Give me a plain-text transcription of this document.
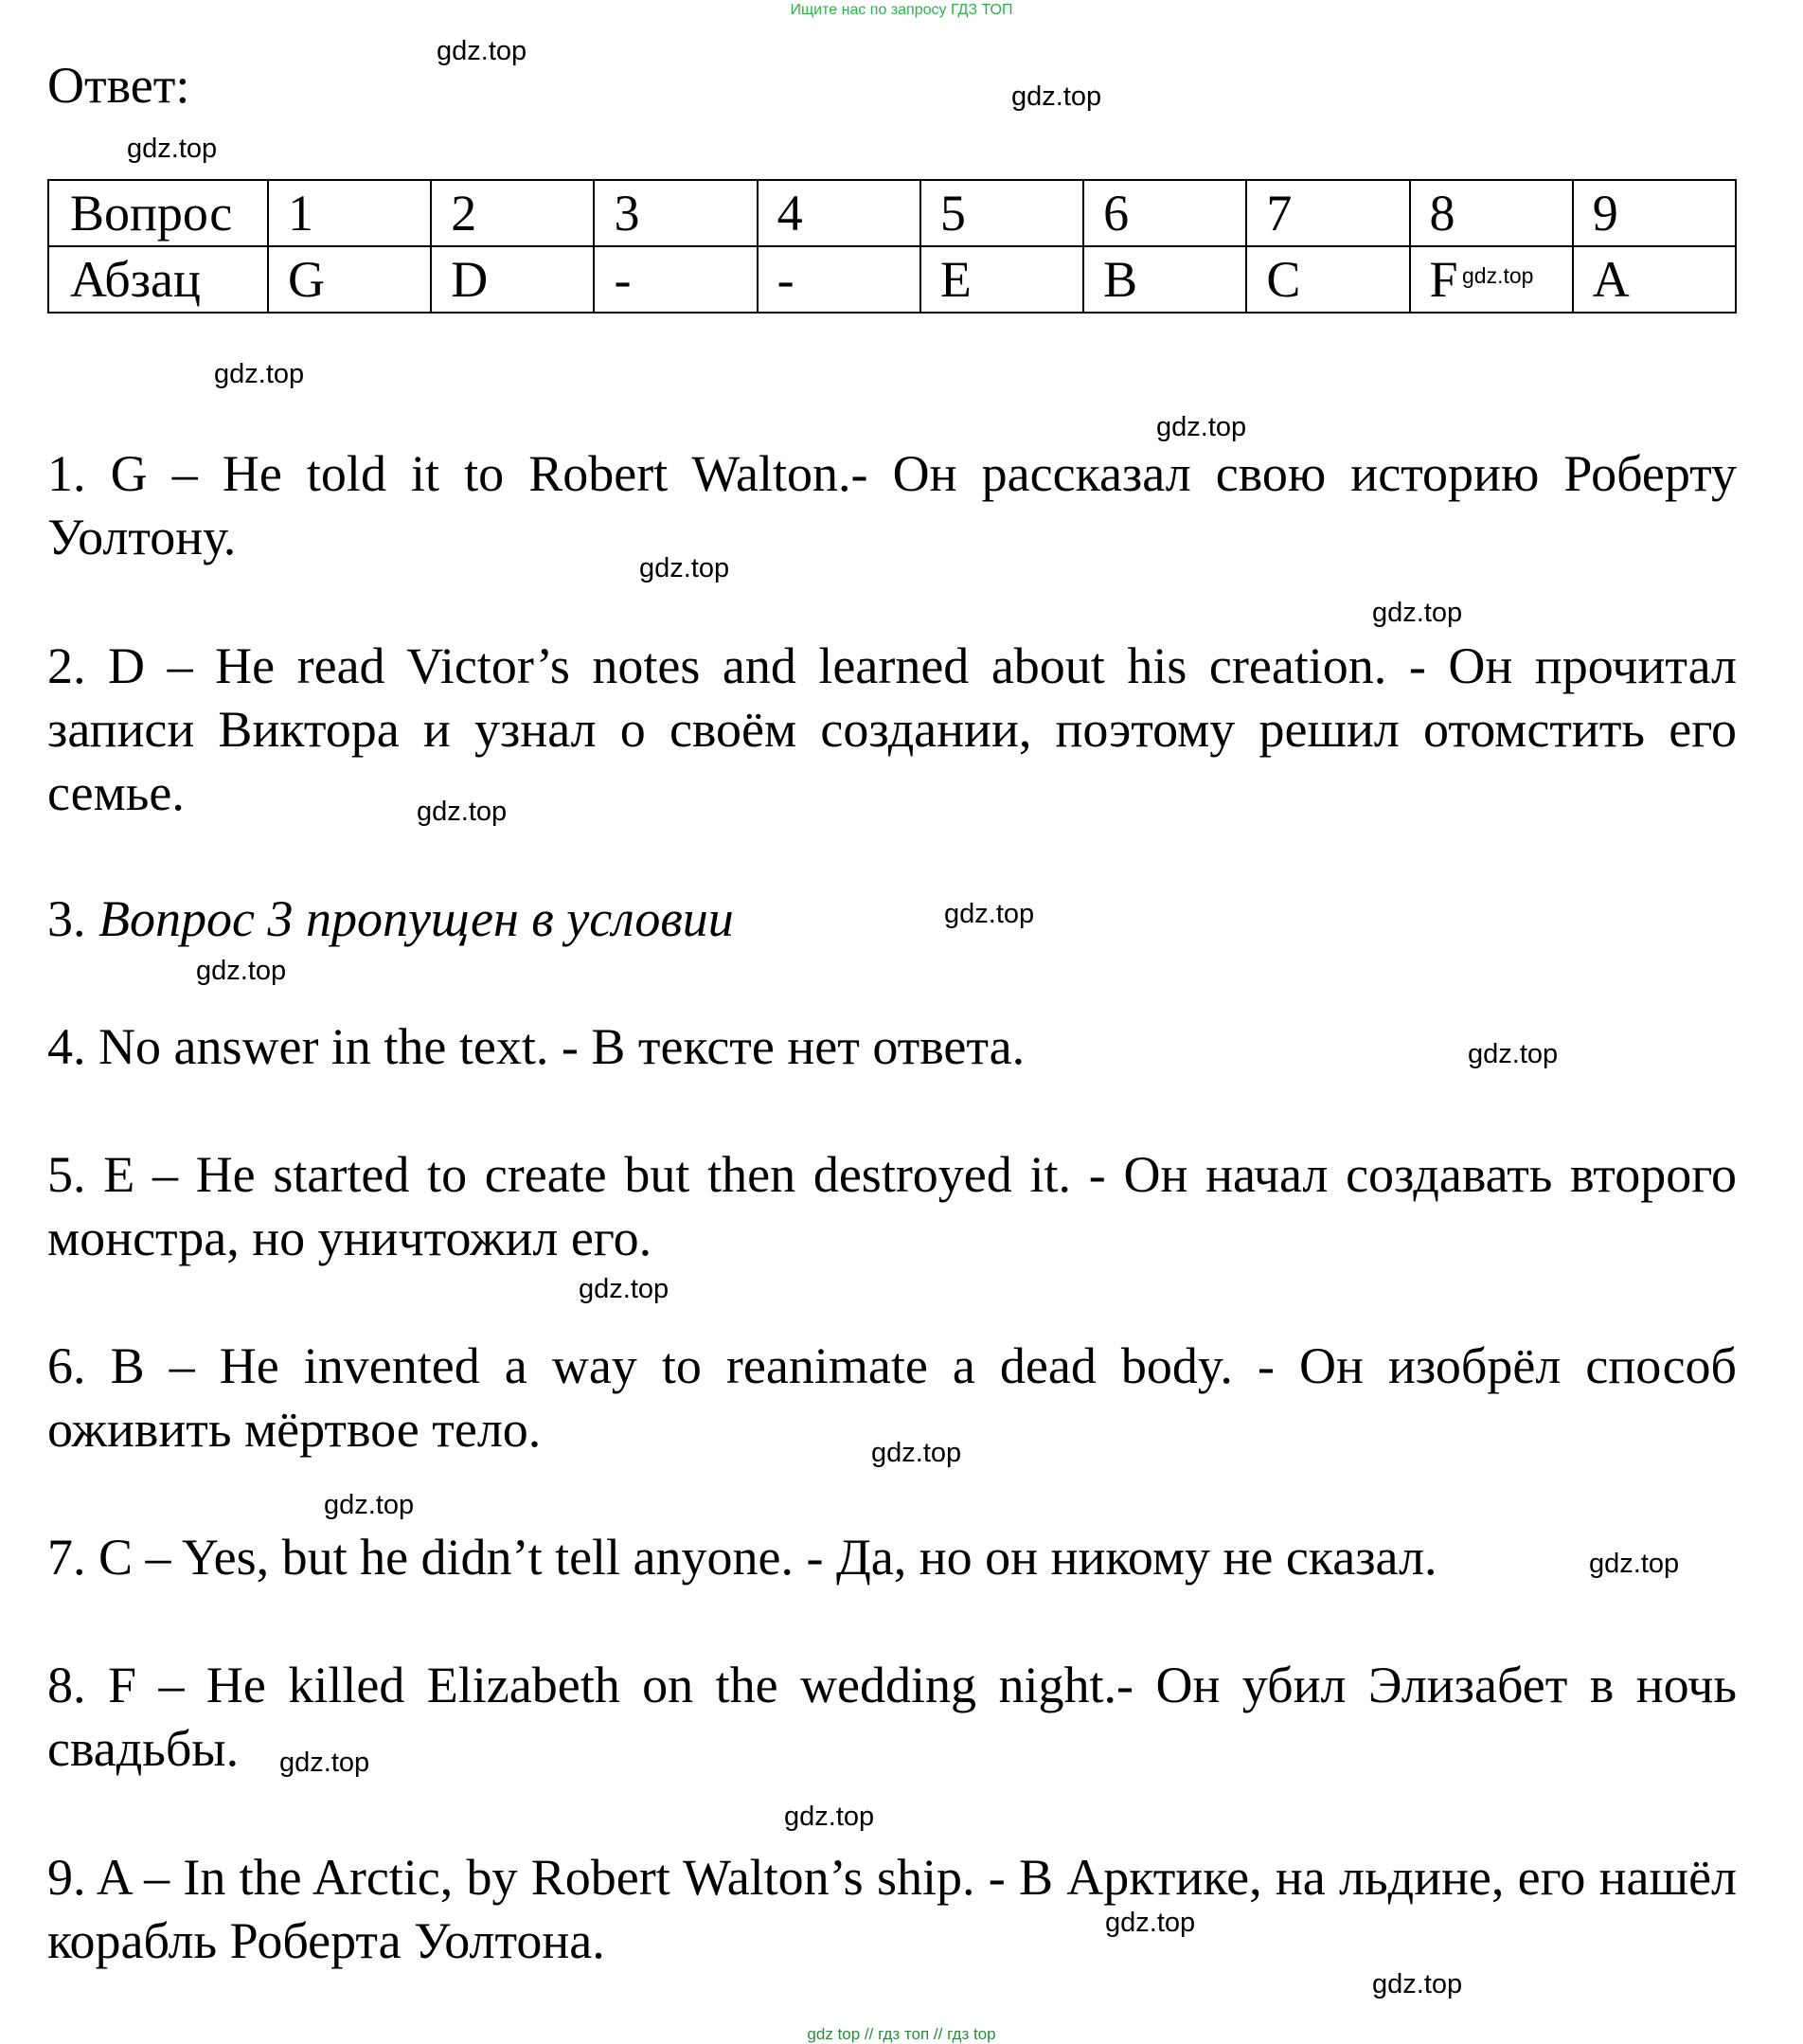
Ищите нас по запросу ГДЗ ТОП
Ответ:
Вопрос	1	2	3	4	5	6	7	8	9
Абзац	G	D	-	-	E	B	C	F	A

1. G – He told it to Robert Walton.- Он рассказал свою историю Роберту Уолтону.

2. D – He read Victor’s notes and learned about his creation. - Он прочитал записи Виктора и узнал о своём создании, поэтому решил отомстить его семье.

3. Вопрос 3 пропущен в условии

4. No answer in the text. - В тексте нет ответа.

5. E – He started to create but then destroyed it. - Он начал создавать второго монстра, но уничтожил его.

6. B – He invented a way to reanimate a dead body. - Он изобрёл способ оживить мёртвое тело.

7. C – Yes, but he didn’t tell anyone. - Да, но он никому не сказал.

8. F – He killed Elizabeth on the wedding night.- Он убил Элизабет в ночь свадьбы.

9. A – In the Arctic, by Robert Walton’s ship. - В Арктике, на льдине, его нашёл корабль Роберта Уолтона.

gdz.top
gdz.top
gdz.top
gdz.top
gdz.top
gdz.top
gdz.top
gdz.top
gdz.top
gdz.top
gdz.top
gdz.top
gdz.top
gdz.top
gdz.top
gdz.top
gdz.top
gdz.top
gdz.top
gdz.top
gdz top // гдз топ // гдз top
